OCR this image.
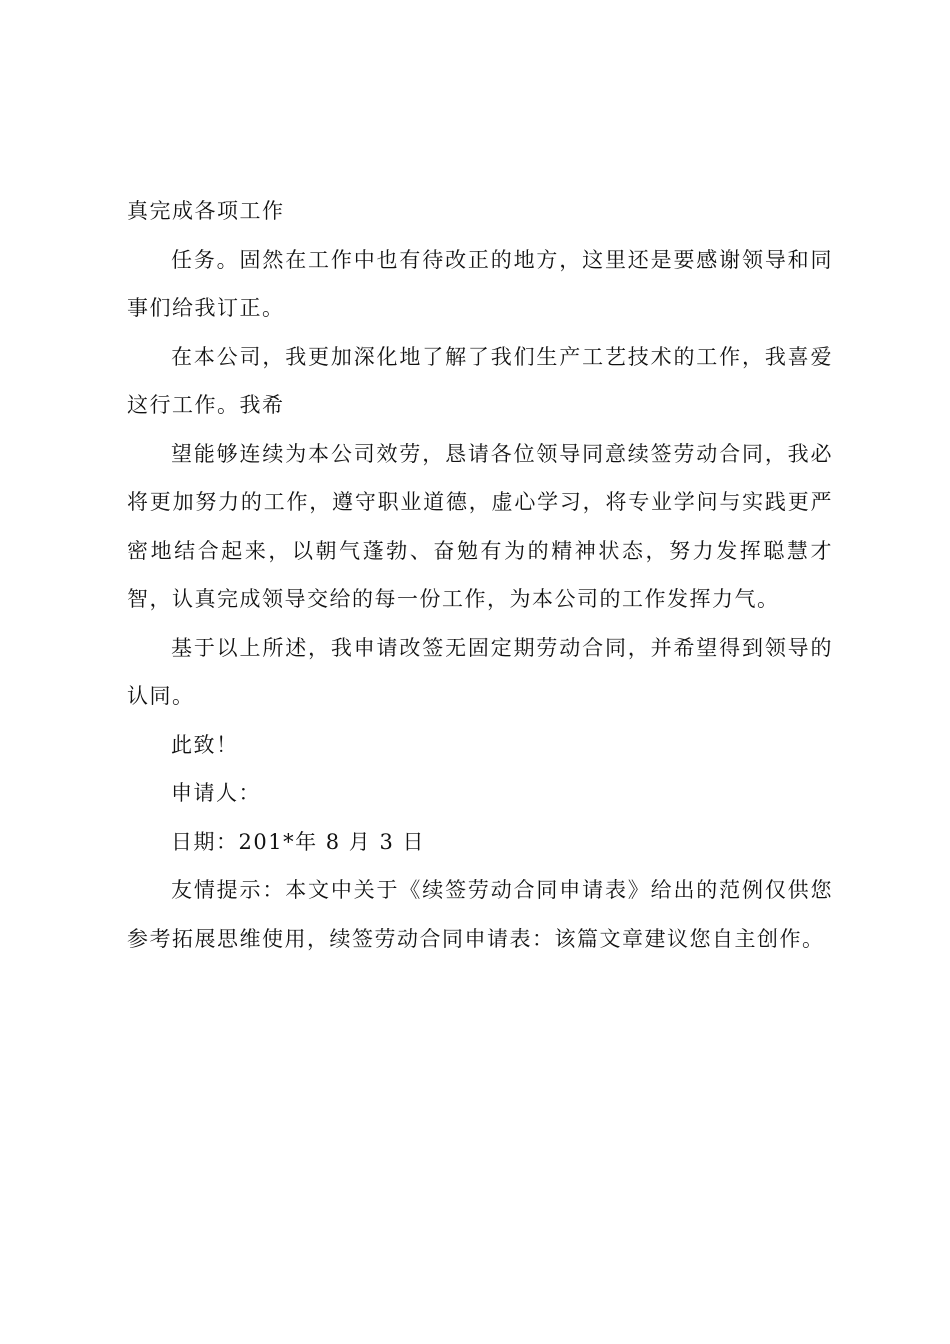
真完成各项工作

任务。固然在工作中也有待改正的地方，这里还是要感谢领导和同事们给我订正。

在本公司，我更加深化地了解了我们生产工艺技术的工作，我喜爱这行工作。我希

望能够连续为本公司效劳，恳请各位领导同意续签劳动合同，我必将更加努力的工作，遵守职业道德，虚心学习，将专业学问与实践更严密地结合起来，以朝气蓬勃、奋勉有为的精神状态，努力发挥聪慧才智，认真完成领导交给的每一份工作，为本公司的工作发挥力气。

基于以上所述，我申请改签无固定期劳动合同，并希望得到领导的认同。

此致！

申请人：

日期：201*年 8 月 3 日

友情提示：本文中关于《续签劳动合同申请表》给出的范例仅供您参考拓展思维使用，续签劳动合同申请表：该篇文章建议您自主创作。
